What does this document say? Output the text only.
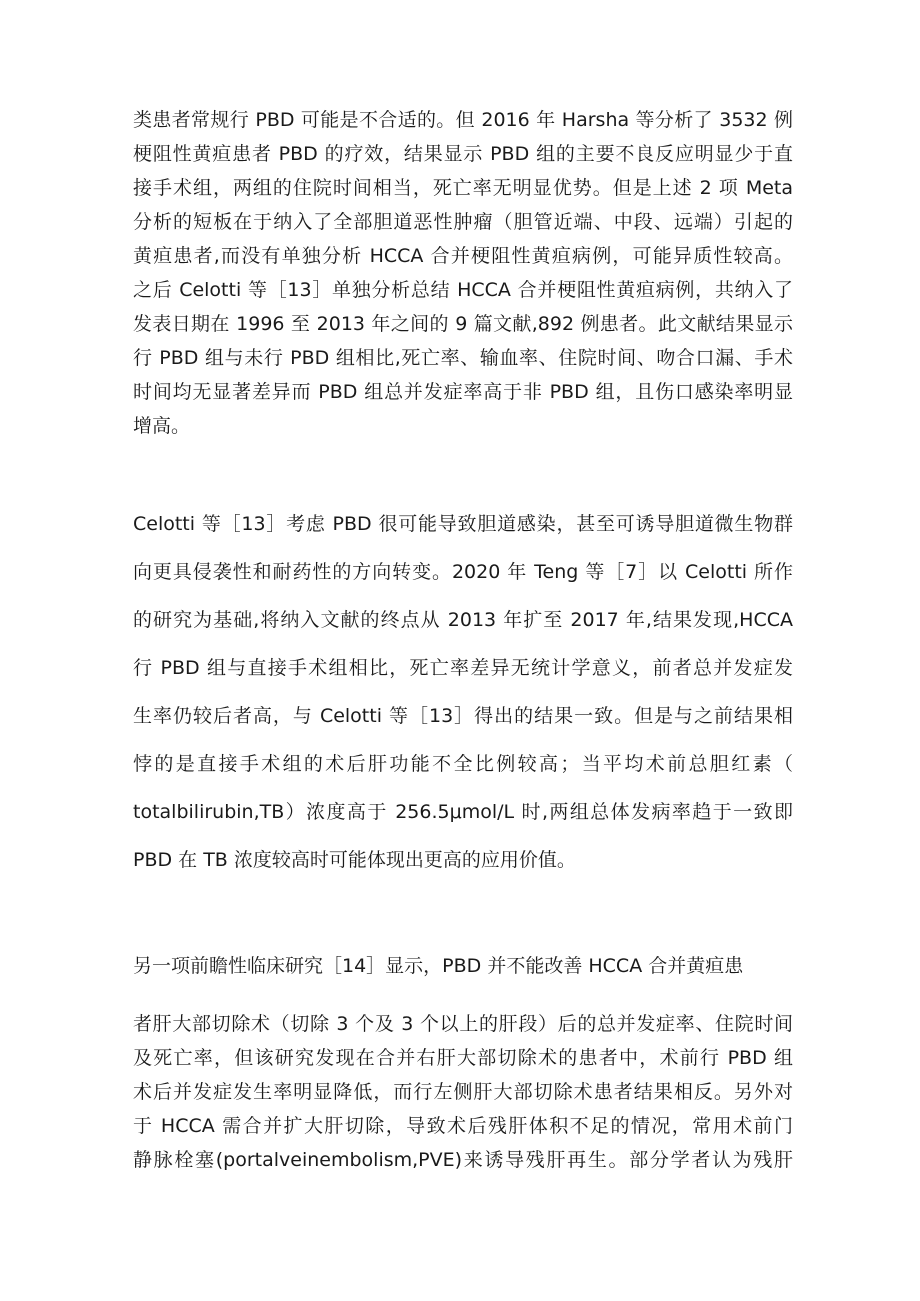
类患者常规行 PBD 可能是不合适的。但 2016 年 Harsha 等分析了 3532 例
梗阻性黄疸患者 PBD 的疗效，结果显示 PBD 组的主要不良反应明显少于直
接手术组，两组的住院时间相当，死亡率无明显优势。但是上述 2 项 Meta
分析的短板在于纳入了全部胆道恶性肿瘤（胆管近端、中段、远端）引起的
黄疸患者,而没有单独分析 HCCA 合并梗阻性黄疸病例，可能异质性较高。
之后 Celotti 等［13］单独分析总结 HCCA 合并梗阻性黄疸病例，共纳入了
发表日期在 1996 至 2013 年之间的 9 篇文献,892 例患者。此文献结果显示
行 PBD 组与未行 PBD 组相比,死亡率、输血率、住院时间、吻合口漏、手术
时间均无显著差异而 PBD 组总并发症率高于非 PBD 组，且伤口感染率明显
增高。
Celotti 等［13］考虑 PBD 很可能导致胆道感染，甚至可诱导胆道微生物群
向更具侵袭性和耐药性的方向转变。2020 年 Teng 等［7］以 Celotti 所作
的研究为基础,将纳入文献的终点从 2013 年扩至 2017 年,结果发现,HCCA
行 PBD 组与直接手术组相比，死亡率差异无统计学意义，前者总并发症发
生率仍较后者高，与 Celotti 等［13］得出的结果一致。但是与之前结果相
悖的是直接手术组的术后肝功能不全比例较高；当平均术前总胆红素（
totalbilirubin,TB）浓度高于 256.5μmol/L 时,两组总体发病率趋于一致即
PBD 在 TB 浓度较高时可能体现出更高的应用价值。
另一项前瞻性临床研究［14］显示，PBD 并不能改善 HCCA 合并黄疸患
者肝大部切除术（切除 3 个及 3 个以上的肝段）后的总并发症率、住院时间
及死亡率，但该研究发现在合并右肝大部切除术的患者中，术前行 PBD 组
术后并发症发生率明显降低，而行左侧肝大部切除术患者结果相反。另外对
于 HCCA 需合并扩大肝切除，导致术后残肝体积不足的情况，常用术前门
静脉栓塞(portalveinembolism,PVE)来诱导残肝再生。部分学者认为残肝
